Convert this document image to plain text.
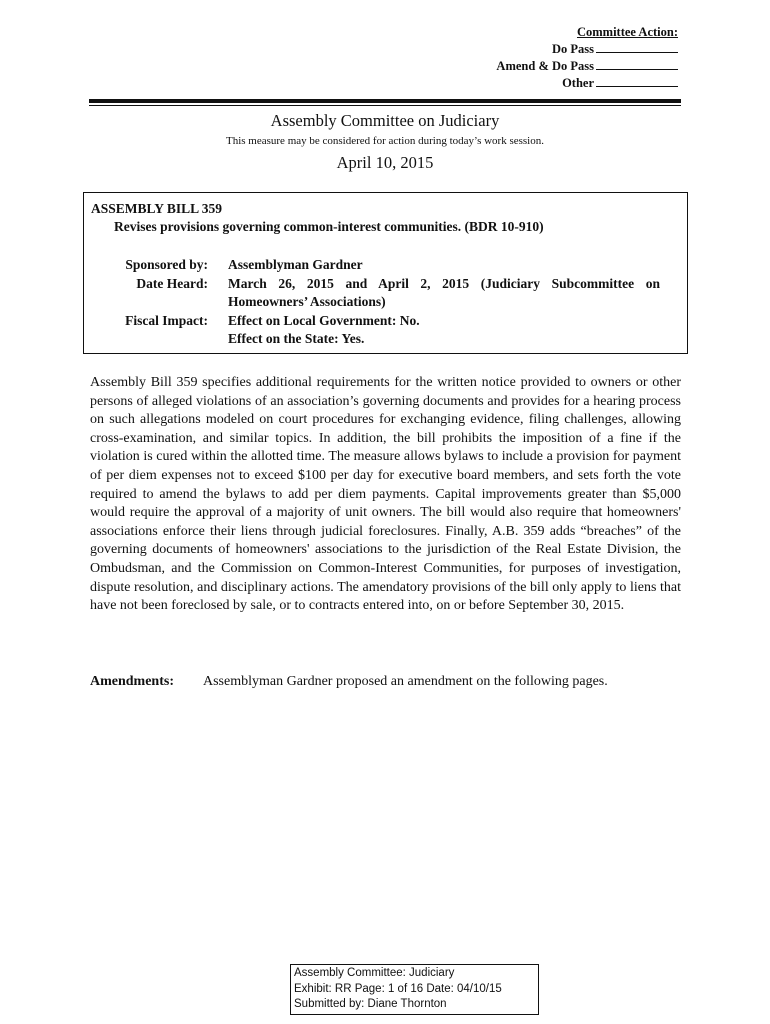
Committee Action:
Do Pass
Amend & Do Pass
Other
Assembly Committee on Judiciary
This measure may be considered for action during today’s work session.
April 10, 2015
ASSEMBLY BILL 359
Revises provisions governing common-interest communities. (BDR 10-910)
Sponsored by:	Assemblyman Gardner
Date Heard:	March 26, 2015 and April 2, 2015 (Judiciary Subcommittee on Homeowners’ Associations)
Fiscal Impact:	Effect on Local Government: No.
Effect on the State: Yes.
Assembly Bill 359 specifies additional requirements for the written notice provided to owners or other persons of alleged violations of an association’s governing documents and provides for a hearing process on such allegations modeled on court procedures for exchanging evidence, filing challenges, allowing cross-examination, and similar topics. In addition, the bill prohibits the imposition of a fine if the violation is cured within the allotted time. The measure allows bylaws to include a provision for payment of per diem expenses not to exceed $100 per day for executive board members, and sets forth the vote required to amend the bylaws to add per diem payments. Capital improvements greater than $5,000 would require the approval of a majority of unit owners. The bill would also require that homeowners' associations enforce their liens through judicial foreclosures. Finally, A.B. 359 adds “breaches” of the governing documents of homeowners' associations to the jurisdiction of the Real Estate Division, the Ombudsman, and the Commission on Common-Interest Communities, for purposes of investigation, dispute resolution, and disciplinary actions. The amendatory provisions of the bill only apply to liens that have not been foreclosed by sale, or to contracts entered into, on or before September 30, 2015.
Amendments:	Assemblyman Gardner proposed an amendment on the following pages.
Assembly Committee: Judiciary
Exhibit: RR Page: 1 of 16 Date: 04/10/15
Submitted by: Diane Thornton
